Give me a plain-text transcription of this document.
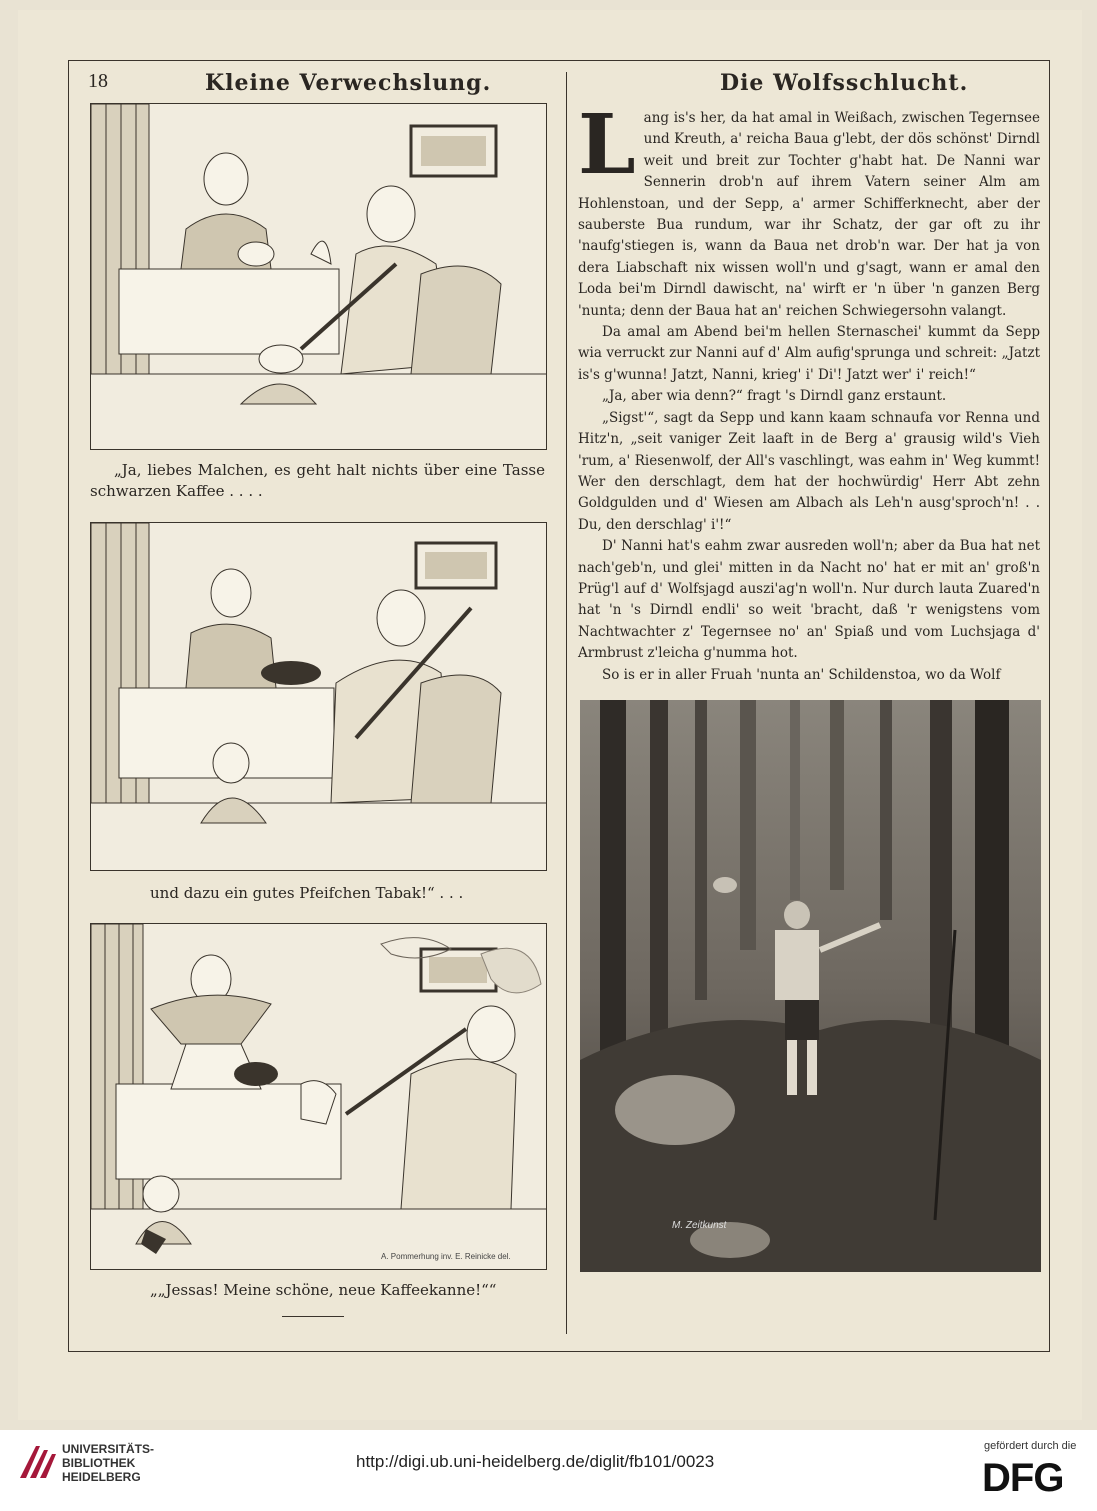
18	Kleine Verwechslung.	Die Wolfsschlucht.
„Ja, liebes Malchen, es geht halt nichts über eine Tasse schwarzen Kaffee . . . .
und dazu ein gutes Pfeifchen Tabak!“ . . .
A. Pommerhung inv. E. Reinicke del.
„„Jessas! Meine schöne, neue Kaffeekanne!““

Lang is's her, da hat amal in Weißach, zwischen Tegernsee und Kreuth, a' reicha Baua g'lebt, der dös schönst' Dirndl weit und breit zur Tochter g'habt hat. De Nanni war Sennerin drob'n auf ihrem Vatern seiner Alm am Hohlenstoan, und der Sepp, a' armer Schifferknecht, aber der sauberste Bua rundum, war ihr Schatz, der gar oft zu ihr 'naufg'stiegen is, wann da Baua net drob'n war. Der hat ja von dera Liabschaft nix wissen woll'n und g'sagt, wann er amal den Loda bei'm Dirndl dawischt, na' wirft er 'n über 'n ganzen Berg 'nunta; denn der Baua hat an' reichen Schwiegersohn valangt.

Da amal am Abend bei'm hellen Sternaschei' kummt da Sepp wia verruckt zur Nanni auf d' Alm aufig'sprunga und schreit: „Jatzt is's g'wunna! Jatzt, Nanni, krieg' i' Di'! Jatzt wer' i' reich!“

„Ja, aber wia denn?“ fragt 's Dirndl ganz erstaunt.

„Sigst'“, sagt da Sepp und kann kaam schnaufa vor Renna und Hitz'n, „seit vaniger Zeit laaft in de Berg a' grausig wild's Vieh 'rum, a' Riesenwolf, der All's vaschlingt, was eahm in' Weg kummt! Wer den derschlagt, dem hat der hochwürdig' Herr Abt zehn Goldgulden und d' Wiesen am Albach als Leh'n ausg'sproch'n! . . Du, den derschlag' i'!“

D' Nanni hat's eahm zwar ausreden woll'n; aber da Bua hat net nach'geb'n, und glei' mitten in da Nacht no' hat er mit an' groß'n Prüg'l auf d' Wolfsjagd auszi'ag'n woll'n. Nur durch lauta Zuared'n hat 'n 's Dirndl endli' so weit 'bracht, daß 'r wenigstens vom Nachtwachter z' Tegernsee no' an' Spiaß und vom Luchsjaga d' Armbrust z'leicha g'numma hot.

So is er in aller Fruah 'nunta an' Schildenstoa, wo da Wolf

M. Zeitkunst
UNIVERSITÄTS-
BIBLIOTHEK
HEIDELBERG
http://digi.ub.uni-heidelberg.de/diglit/fb101/0023
gefördert durch die
DFG
